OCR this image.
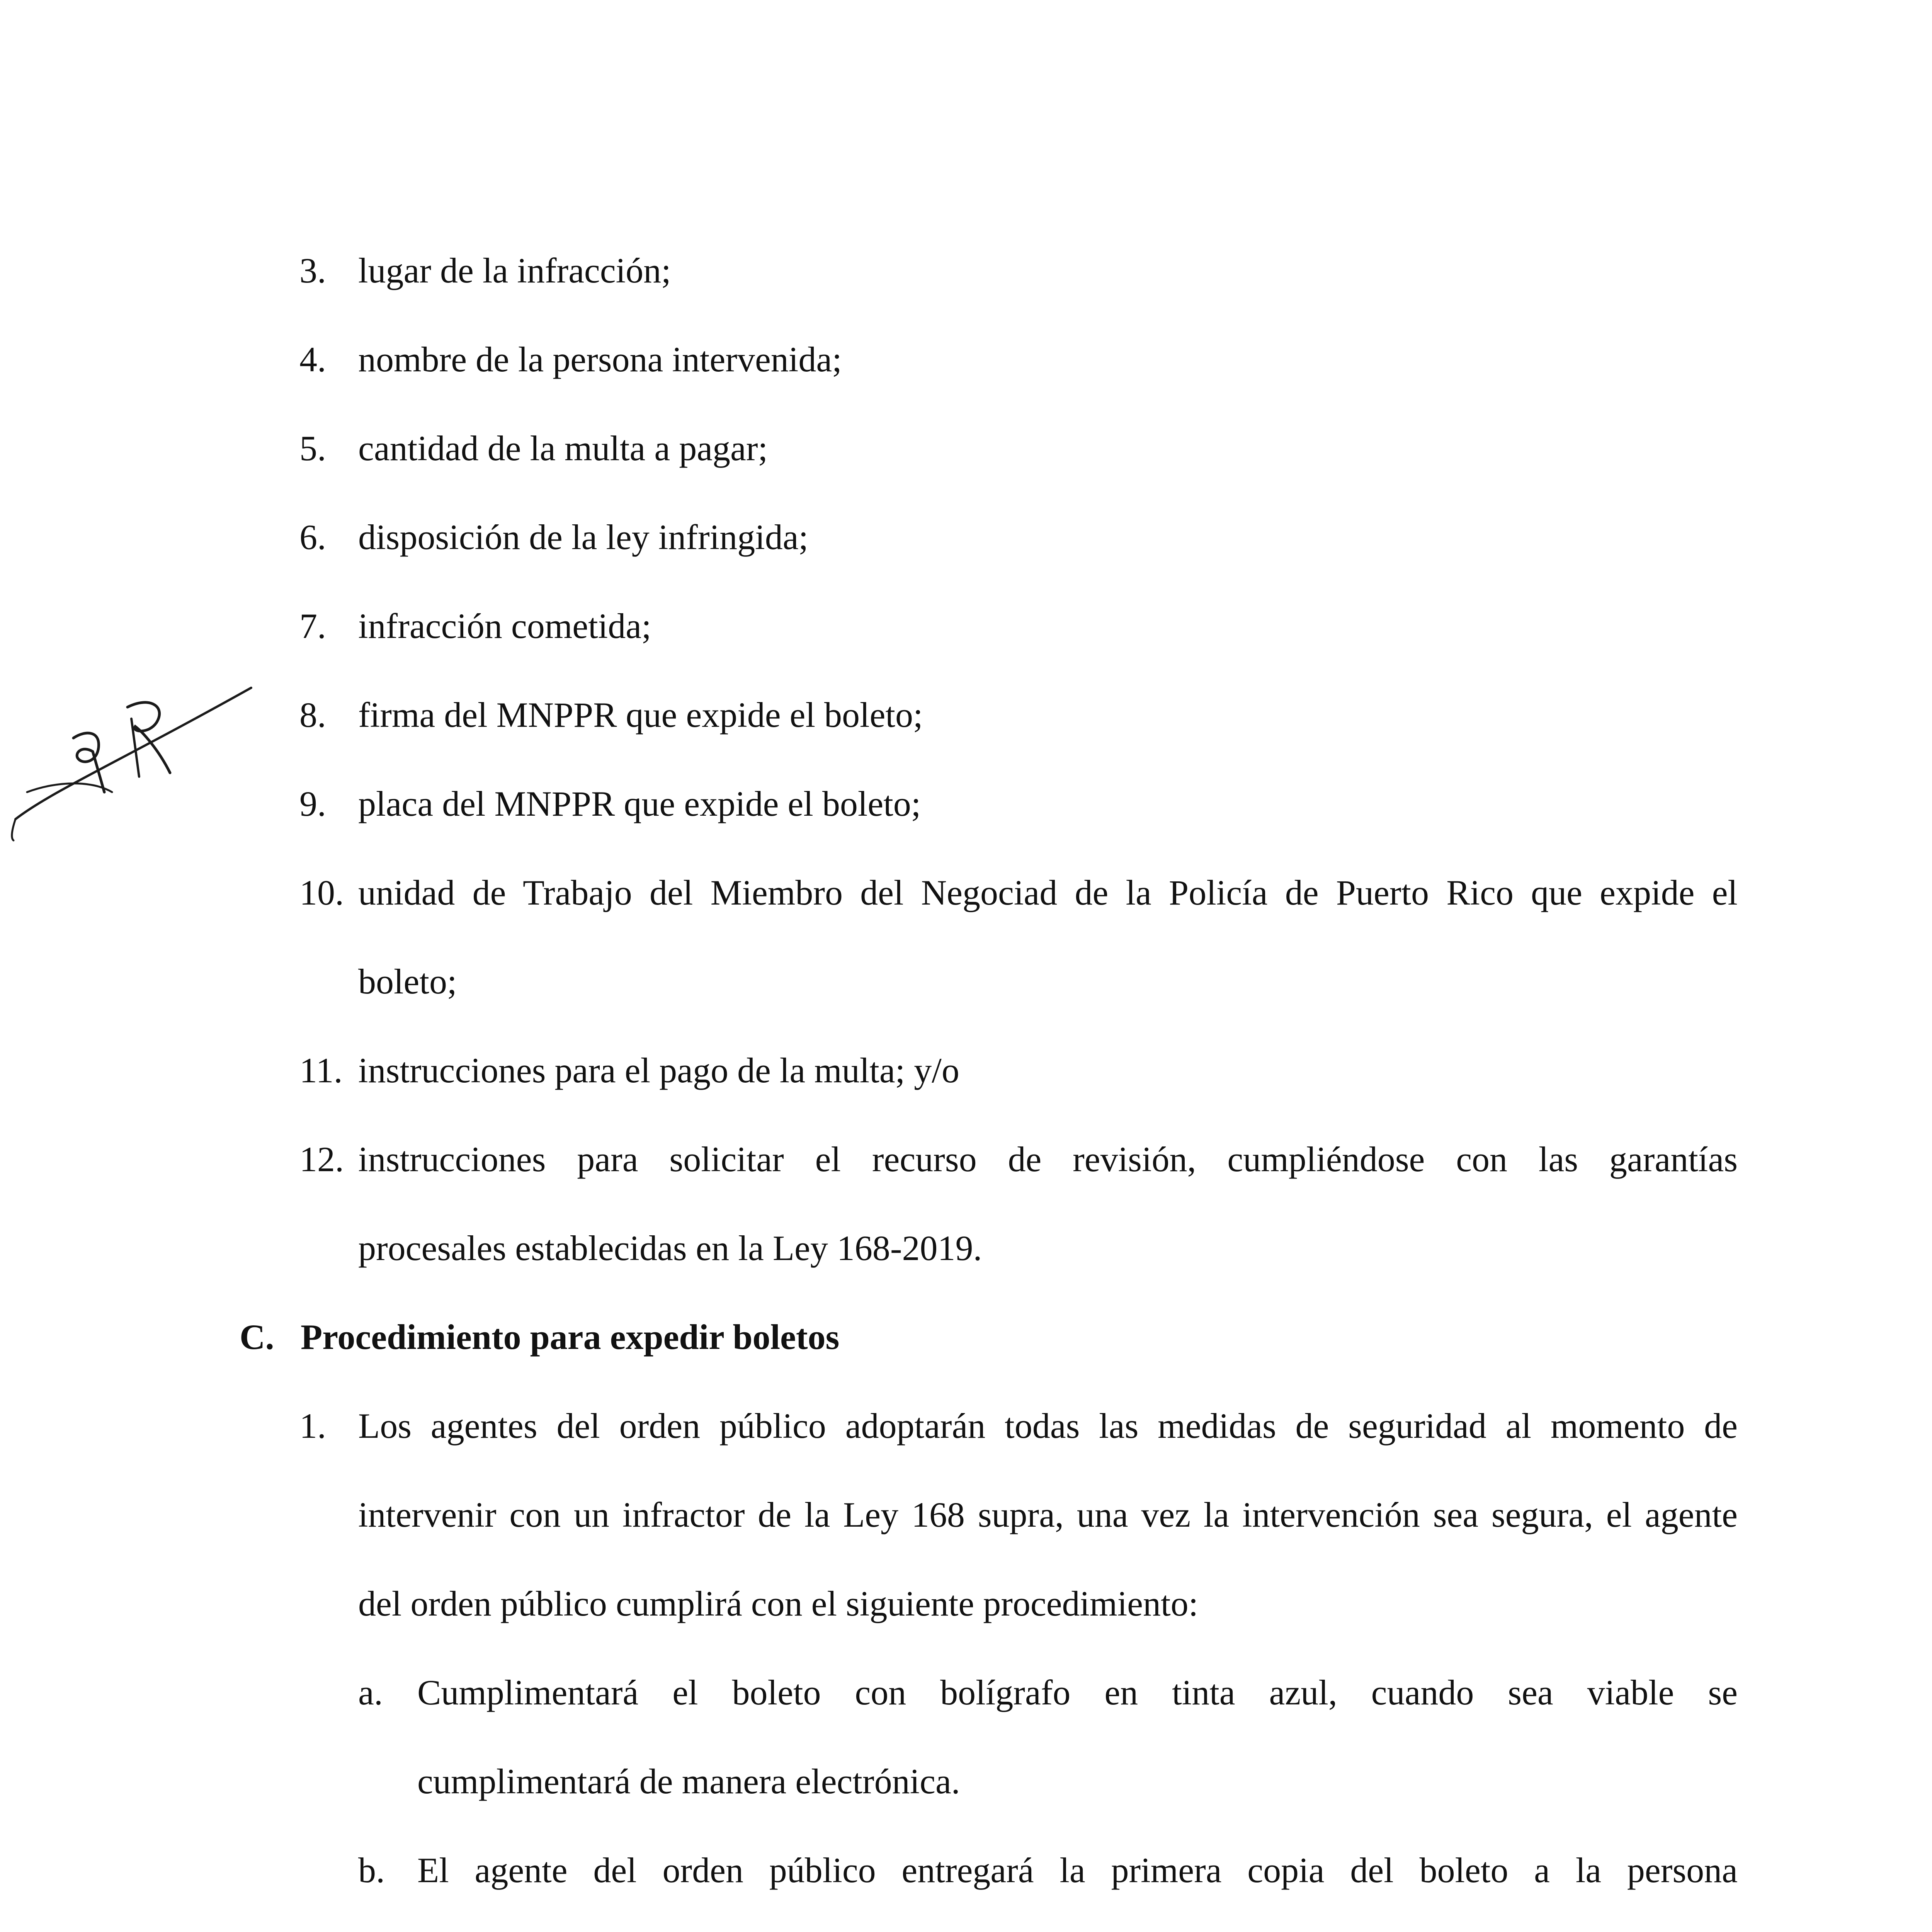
3. lugar de la infracción;
4. nombre de la persona intervenida;
5. cantidad de la multa a pagar;
6. disposición de la ley infringida;
7. infracción cometida;
8. firma del MNPPR que expide el boleto;
9. placa del MNPPR que expide el boleto;
10. unidad de Trabajo del Miembro del Negociad de la Policía de Puerto Rico que expide el
boleto;
11. instrucciones para el pago de la multa; y/o
12. instrucciones para solicitar el recurso de revisión, cumpliéndose con las garantías
procesales establecidas en la Ley 168-2019.
C. Procedimiento para expedir boletos
1. Los agentes del orden público adoptarán todas las medidas de seguridad al momento de
intervenir con un infractor de la Ley 168 supra, una vez la intervención sea segura, el agente
del orden público cumplirá con el siguiente procedimiento:
a. Cumplimentará el boleto con bolígrafo en tinta azul, cuando sea viable se
cumplimentará de manera electrónica.
b. El agente del orden público entregará la primera copia del boleto a la persona
